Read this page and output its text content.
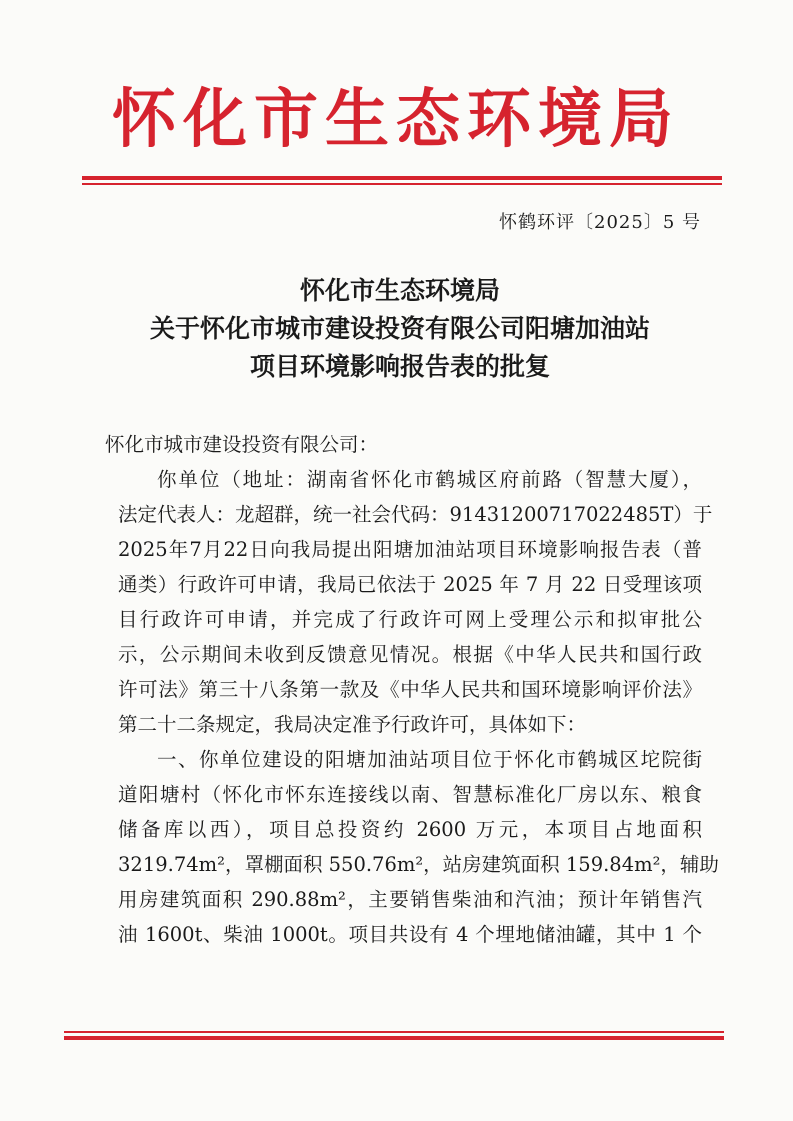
怀化市生态环境局
怀鹤环评〔2025〕5 号
怀化市生态环境局
关于怀化市城市建设投资有限公司阳塘加油站
项目环境影响报告表的批复
怀化市城市建设投资有限公司：
你单位（地址：湖南省怀化市鹤城区府前路（智慧大厦），
法定代表人：龙超群，统一社会代码：91431200717022485T）于
2025年7月22日向我局提出阳塘加油站项目环境影响报告表（普
通类）行政许可申请，我局已依法于 2025 年 7 月 22 日受理该项
目行政许可申请，并完成了行政许可网上受理公示和拟审批公
示，公示期间未收到反馈意见情况。根据《中华人民共和国行政
许可法》第三十八条第一款及《中华人民共和国环境影响评价法》
第二十二条规定，我局决定准予行政许可，具体如下：
一、你单位建设的阳塘加油站项目位于怀化市鹤城区坨院街
道阳塘村（怀化市怀东连接线以南、智慧标准化厂房以东、粮食
储备库以西），项目总投资约 2600 万元，本项目占地面积
3219.74m²，罩棚面积 550.76m²，站房建筑面积 159.84m²，辅助
用房建筑面积 290.88m²，主要销售柴油和汽油；预计年销售汽
油 1600t、柴油 1000t。项目共设有 4 个埋地储油罐，其中 1 个
